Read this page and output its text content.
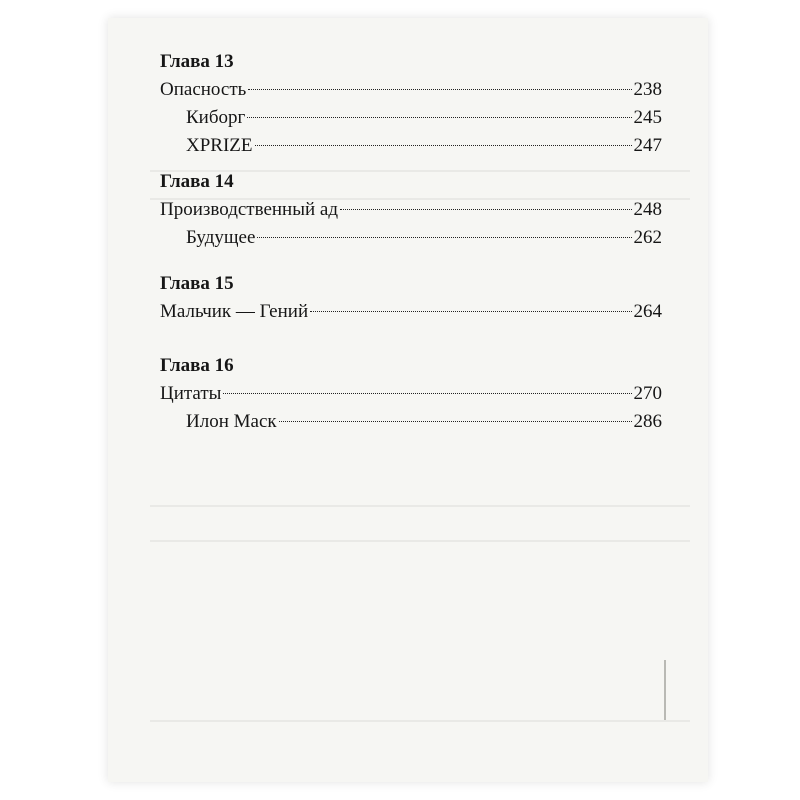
Глава 13
Опасность	238
Киборг	245
XPRIZE	247
Глава 14
Производственный ад	248
Будущее	262
Глава 15
Мальчик — Гений	264
Глава 16
Цитаты	270
Илон Маск	286
